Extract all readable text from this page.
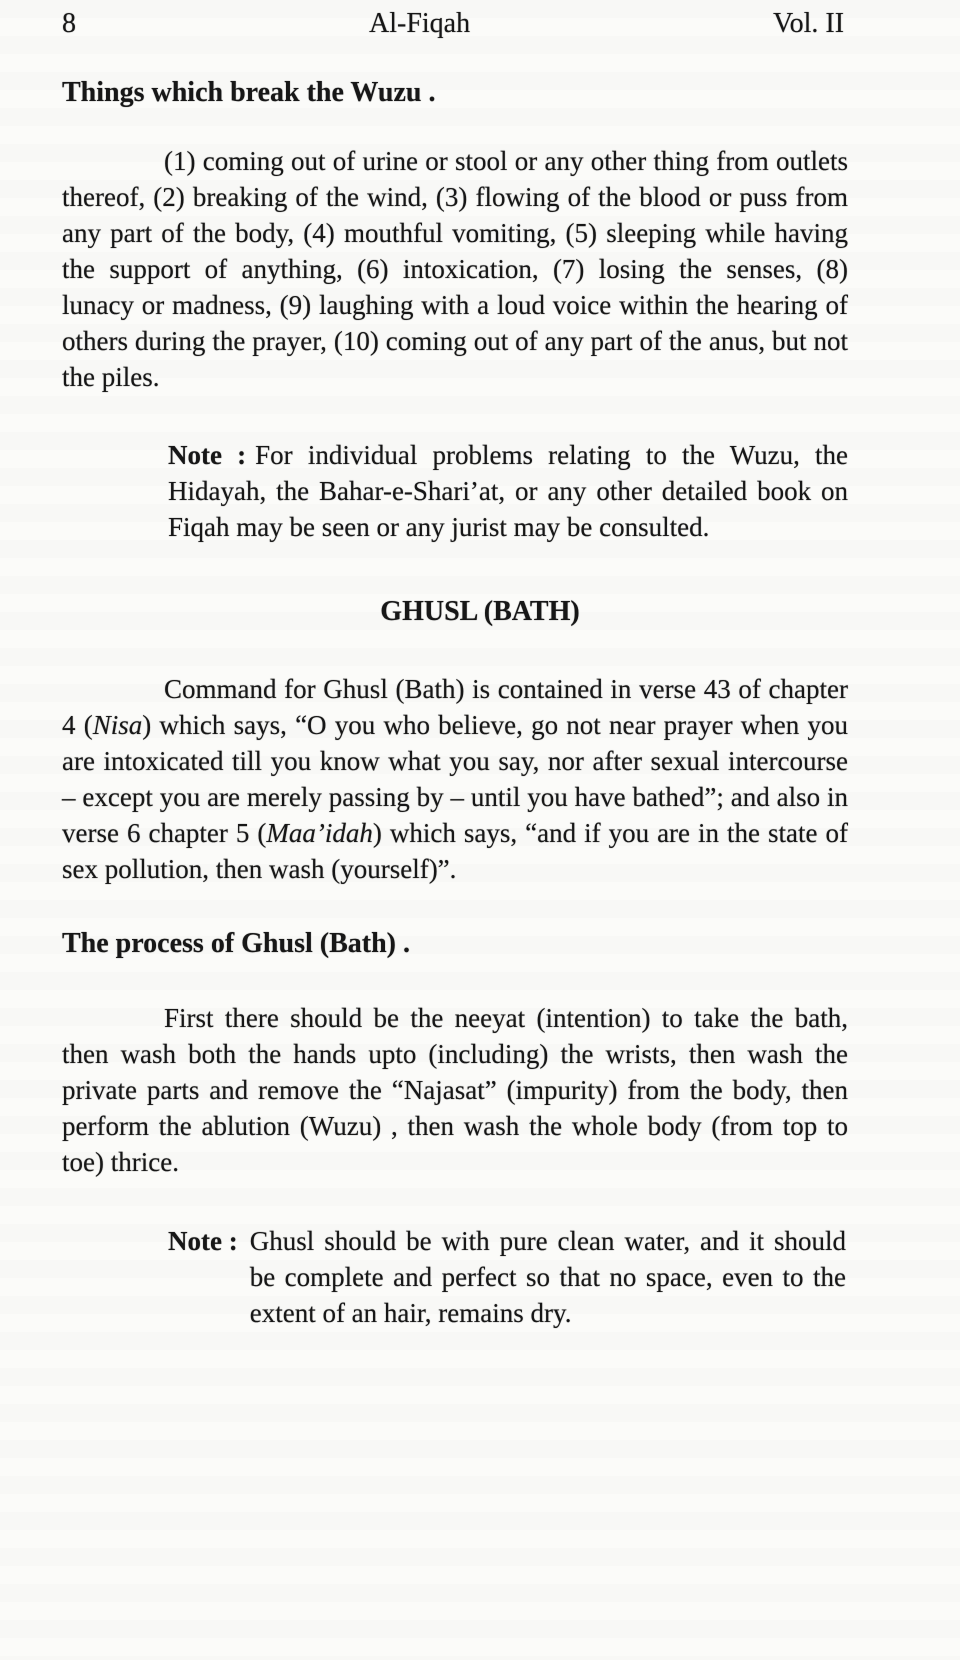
8	Al-Fiqah	Vol. II
Things which break the Wuzu .

(1) coming out of urine or stool or any other thing from outlets thereof, (2) breaking of the wind, (3) flowing of the blood or puss from any part of the body, (4) mouthful vomiting, (5) sleeping while having the support of anything, (6) intoxication, (7) losing the senses, (8) lunacy or madness, (9) laughing with a loud voice within the hearing of others during the prayer, (10) coming out of any part of the anus, but not the piles.

Note : For individual problems relating to the Wuzu, the Hidayah, the Bahar-e-Shari’at, or any other detailed book on Fiqah may be seen or any jurist may be consulted.

GHUSL (BATH)

Command for Ghusl (Bath) is contained in verse 43 of chapter 4 (Nisa) which says, “O you who believe, go not near prayer when you are intoxicated till you know what you say, nor after sexual intercourse – except you are merely passing by – until you have bathed”; and also in verse 6 chapter 5 (Maa’idah) which says, “and if you are in the state of sex pollution, then wash (yourself)”.

The process of Ghusl (Bath) .

First there should be the neeyat (intention) to take the bath, then wash both the hands upto (including) the wrists, then wash the private parts and remove the “Najasat” (impurity) from the body, then perform the ablution (Wuzu) , then wash the whole body (from top to toe) thrice.

Note : Ghusl should be with pure clean water, and it should be complete and perfect so that no space, even to the extent of an hair, remains dry.
